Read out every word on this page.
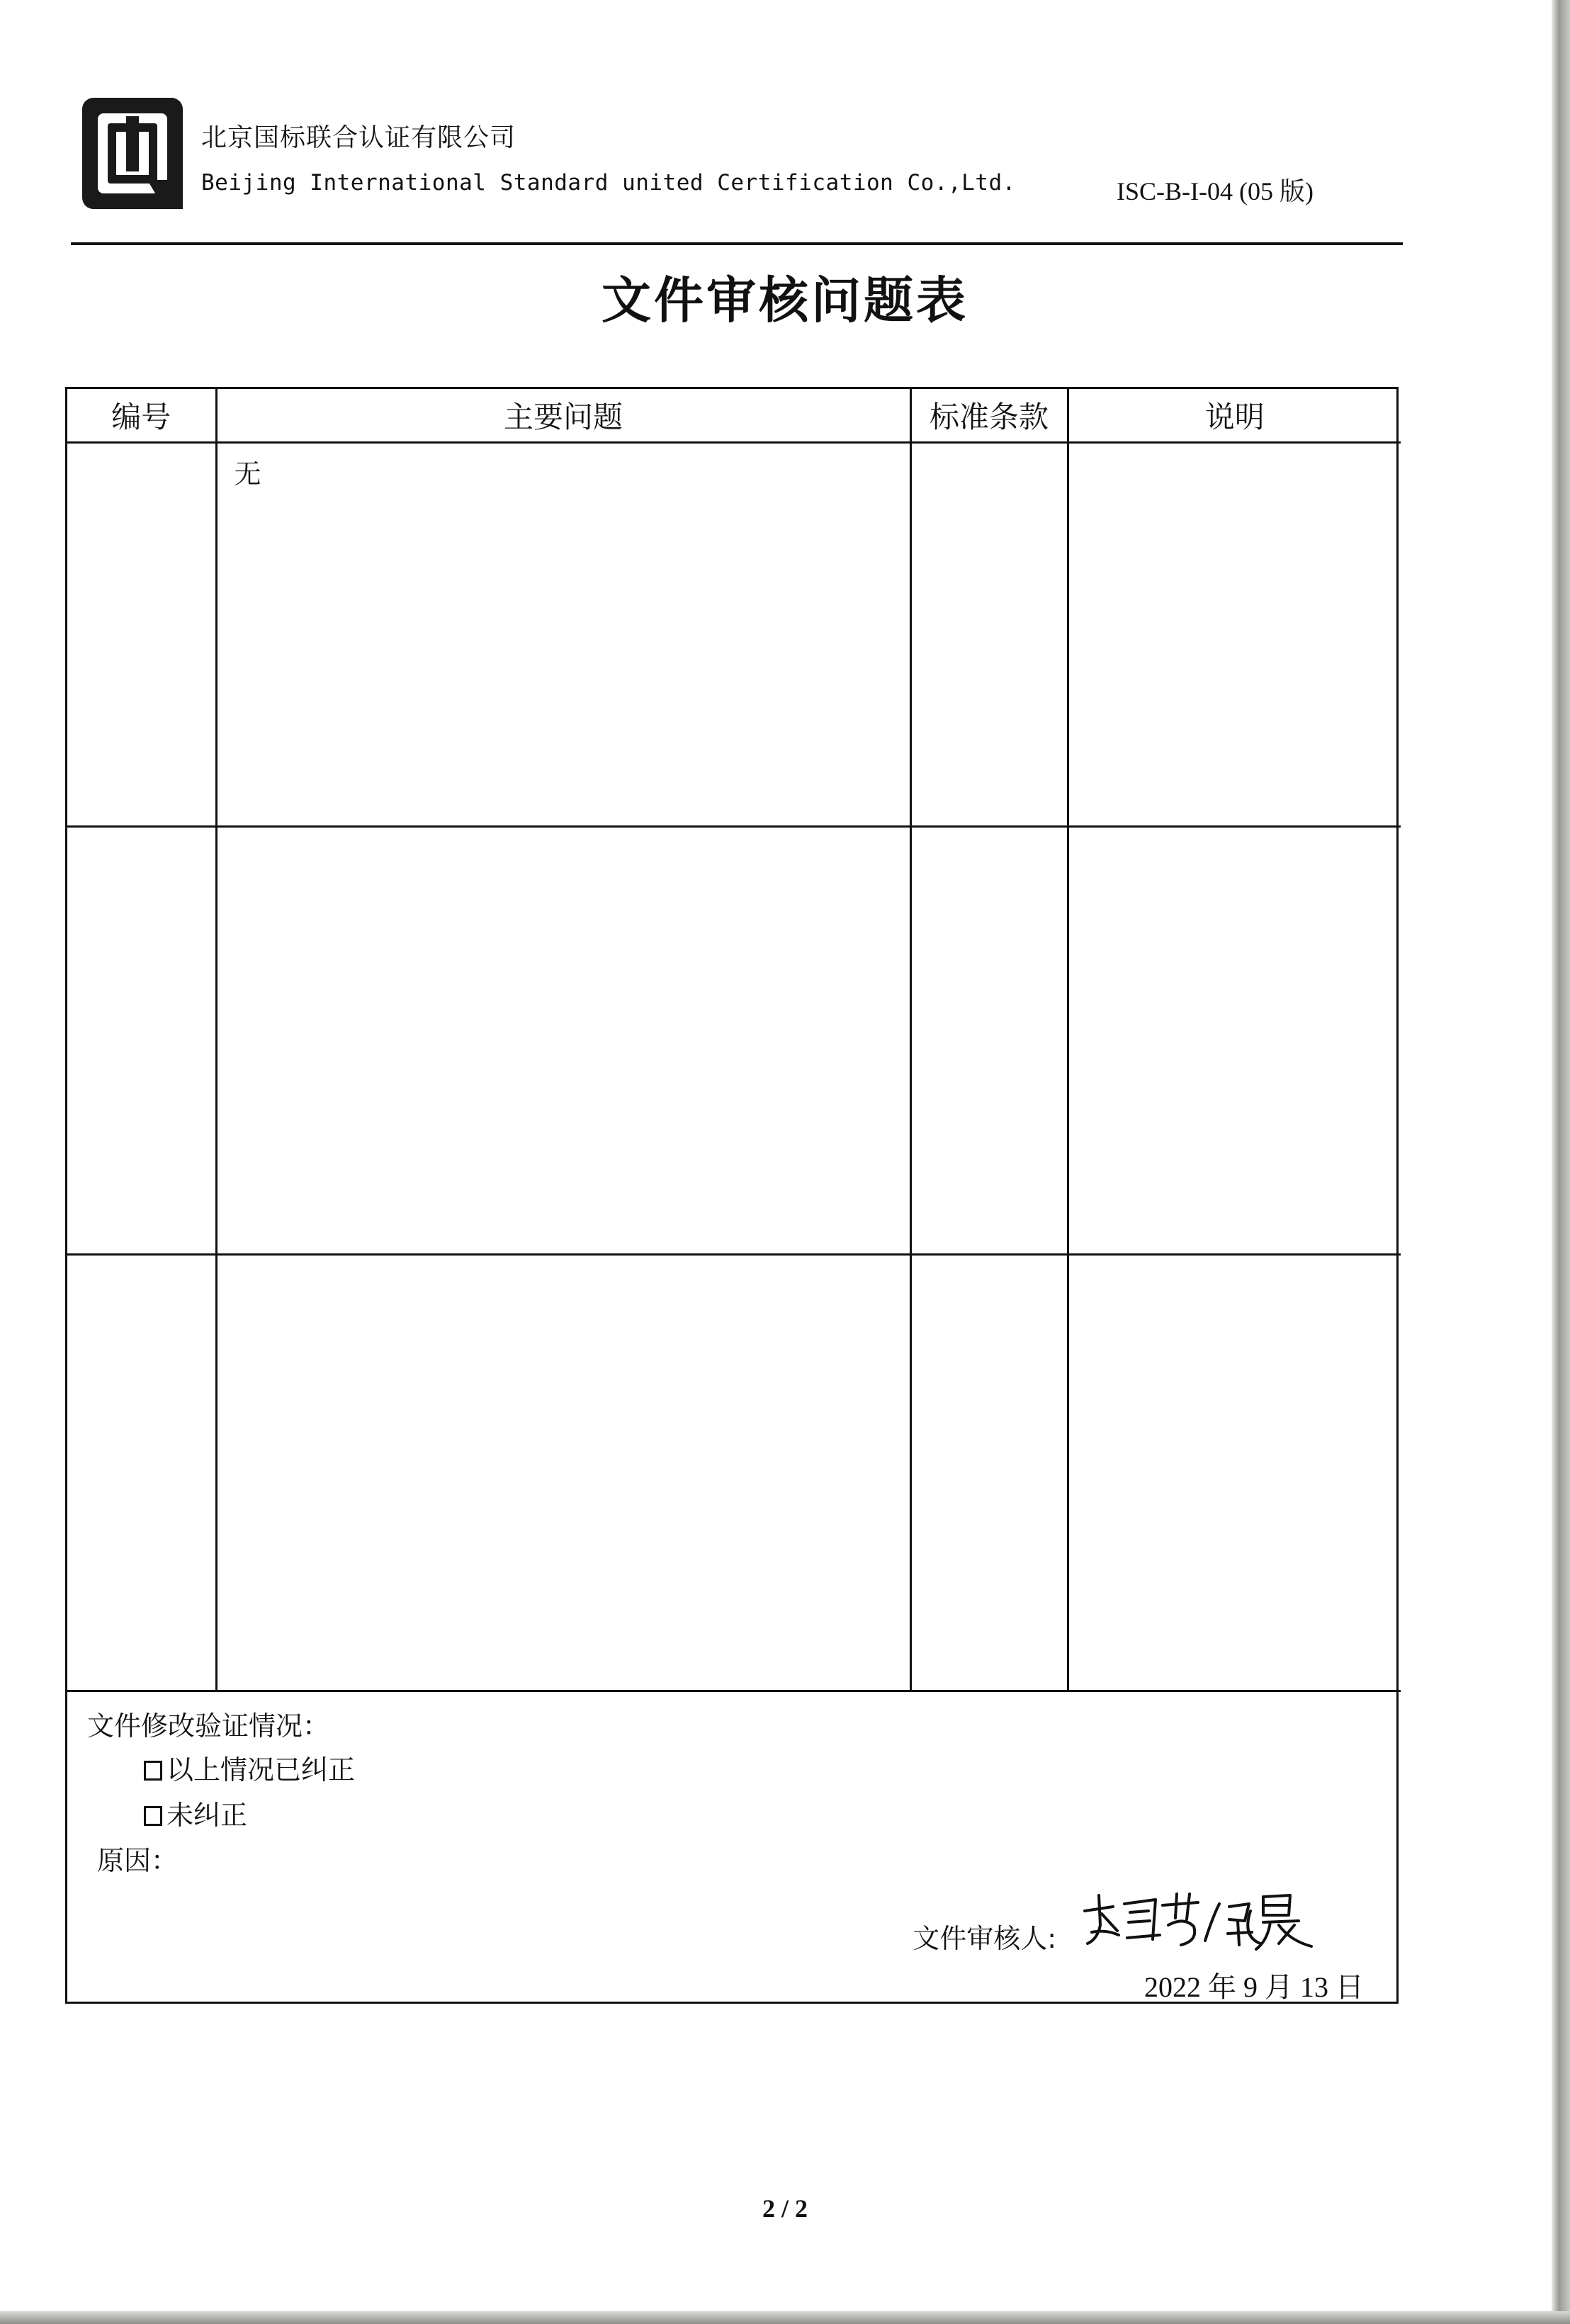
北京国标联合认证有限公司
Beijing International Standard united Certification Co.,Ltd.	ISC-B-I-04 (05 版)
文件审核问题表
编号	主要问题	标准条款	说明
	无		

文件修改验证情况：
以上情况已纠正
未纠正
原因：
文件审核人:
2022 年 9 月 13 日
2 / 2
